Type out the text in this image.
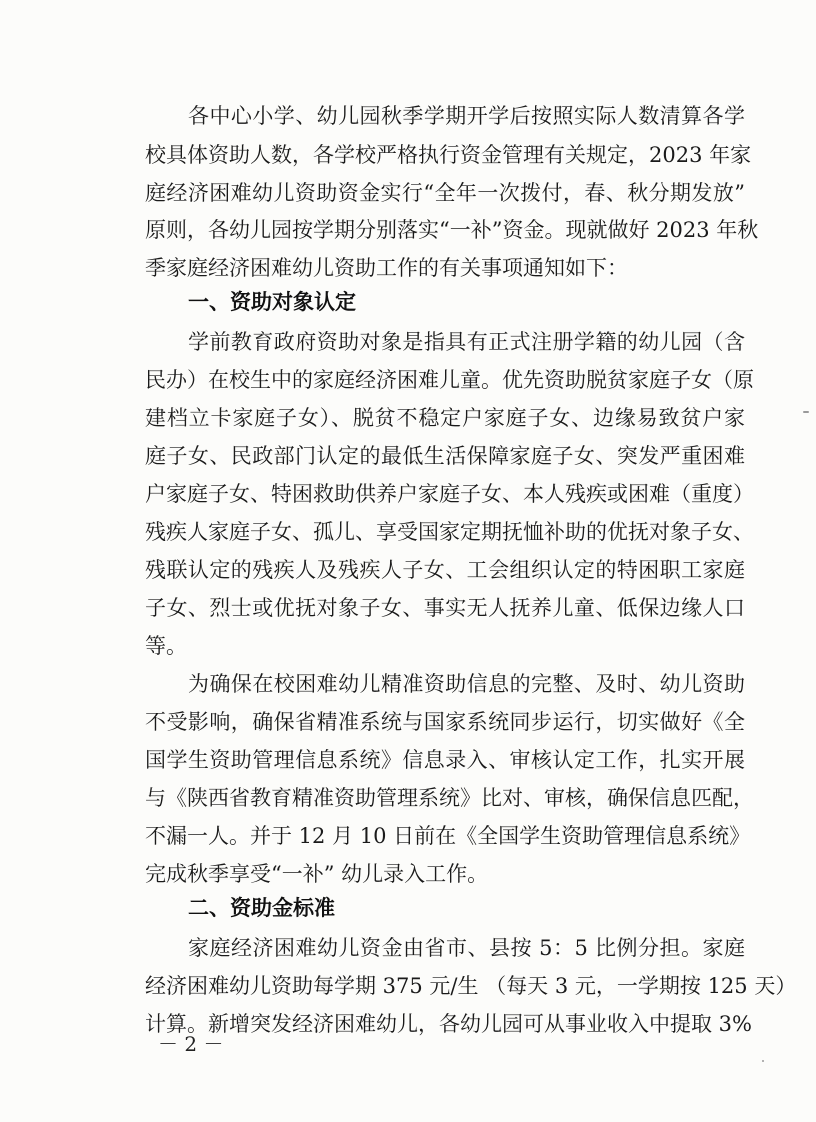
各中心小学、幼儿园秋季学期开学后按照实际人数清算各学
校具体资助人数，各学校严格执行资金管理有关规定，2023 年家
庭经济困难幼儿资助资金实行“全年一次拨付，春、秋分期发放”
原则，各幼儿园按学期分别落实“一补”资金。现就做好 2023 年秋
季家庭经济困难幼儿资助工作的有关事项通知如下：
一、资助对象认定
学前教育政府资助对象是指具有正式注册学籍的幼儿园（含
民办）在校生中的家庭经济困难儿童。优先资助脱贫家庭子女（原
建档立卡家庭子女）、脱贫不稳定户家庭子女、边缘易致贫户家
庭子女、民政部门认定的最低生活保障家庭子女、突发严重困难
户家庭子女、特困救助供养户家庭子女、本人残疾或困难（重度）
残疾人家庭子女、孤儿、享受国家定期抚恤补助的优抚对象子女、
残联认定的残疾人及残疾人子女、工会组织认定的特困职工家庭
子女、烈士或优抚对象子女、事实无人抚养儿童、低保边缘人口
等。
为确保在校困难幼儿精准资助信息的完整、及时、幼儿资助
不受影响，确保省精准系统与国家系统同步运行，切实做好《全
国学生资助管理信息系统》信息录入、审核认定工作，扎实开展
与《陕西省教育精准资助管理系统》比对、审核，确保信息匹配，
不漏一人。并于 12 月 10 日前在《全国学生资助管理信息系统》
完成秋季享受“一补” 幼儿录入工作。
二、资助金标准
家庭经济困难幼儿资金由省市、县按 5：5 比例分担。家庭
经济困难幼儿资助每学期 375 元/生 （每天 3 元，一学期按 125 天）
计算。新增突发经济困难幼儿，各幼儿园可从事业收入中提取 3%
－ 2 －
